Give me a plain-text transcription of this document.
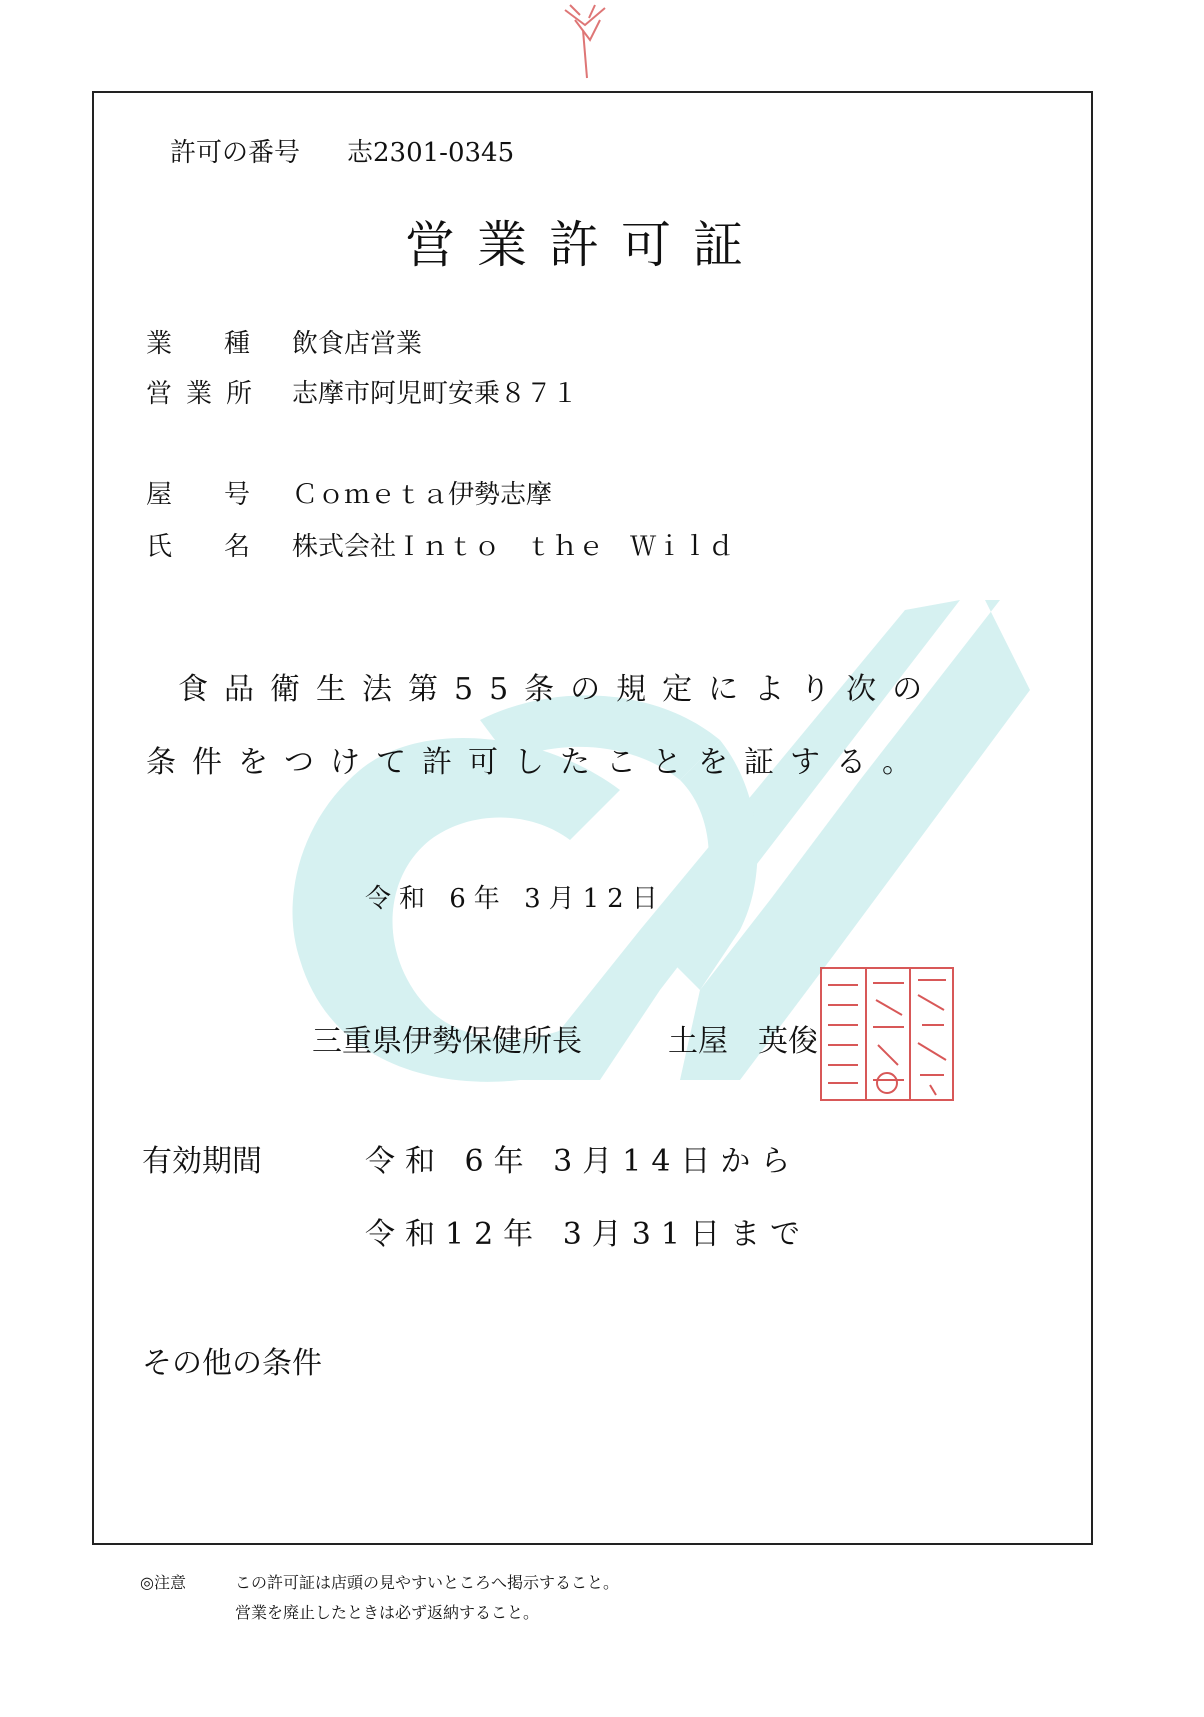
許可の番号 志2301-0345
営業許可証
業　　種 飲食店営業
営業所 志摩市阿児町安乗８７１
屋　　号 Ｃｏｍｅｔａ伊勢志摩
氏　　名 株式会社Ｉｎｔｏ　ｔｈｅ　Ｗｉｌｄ
食品衛生法第55条の規定により次の
条件をつけて許可したことを証する。
令和 6年 3月12日
三重県伊勢保健所長	土屋　英俊
有効期間	令和 6年 3月14日から
令和12年 3月31日まで
その他の条件
◎注意	この許可証は店頭の見やすいところへ掲示すること。
営業を廃止したときは必ず返納すること。
